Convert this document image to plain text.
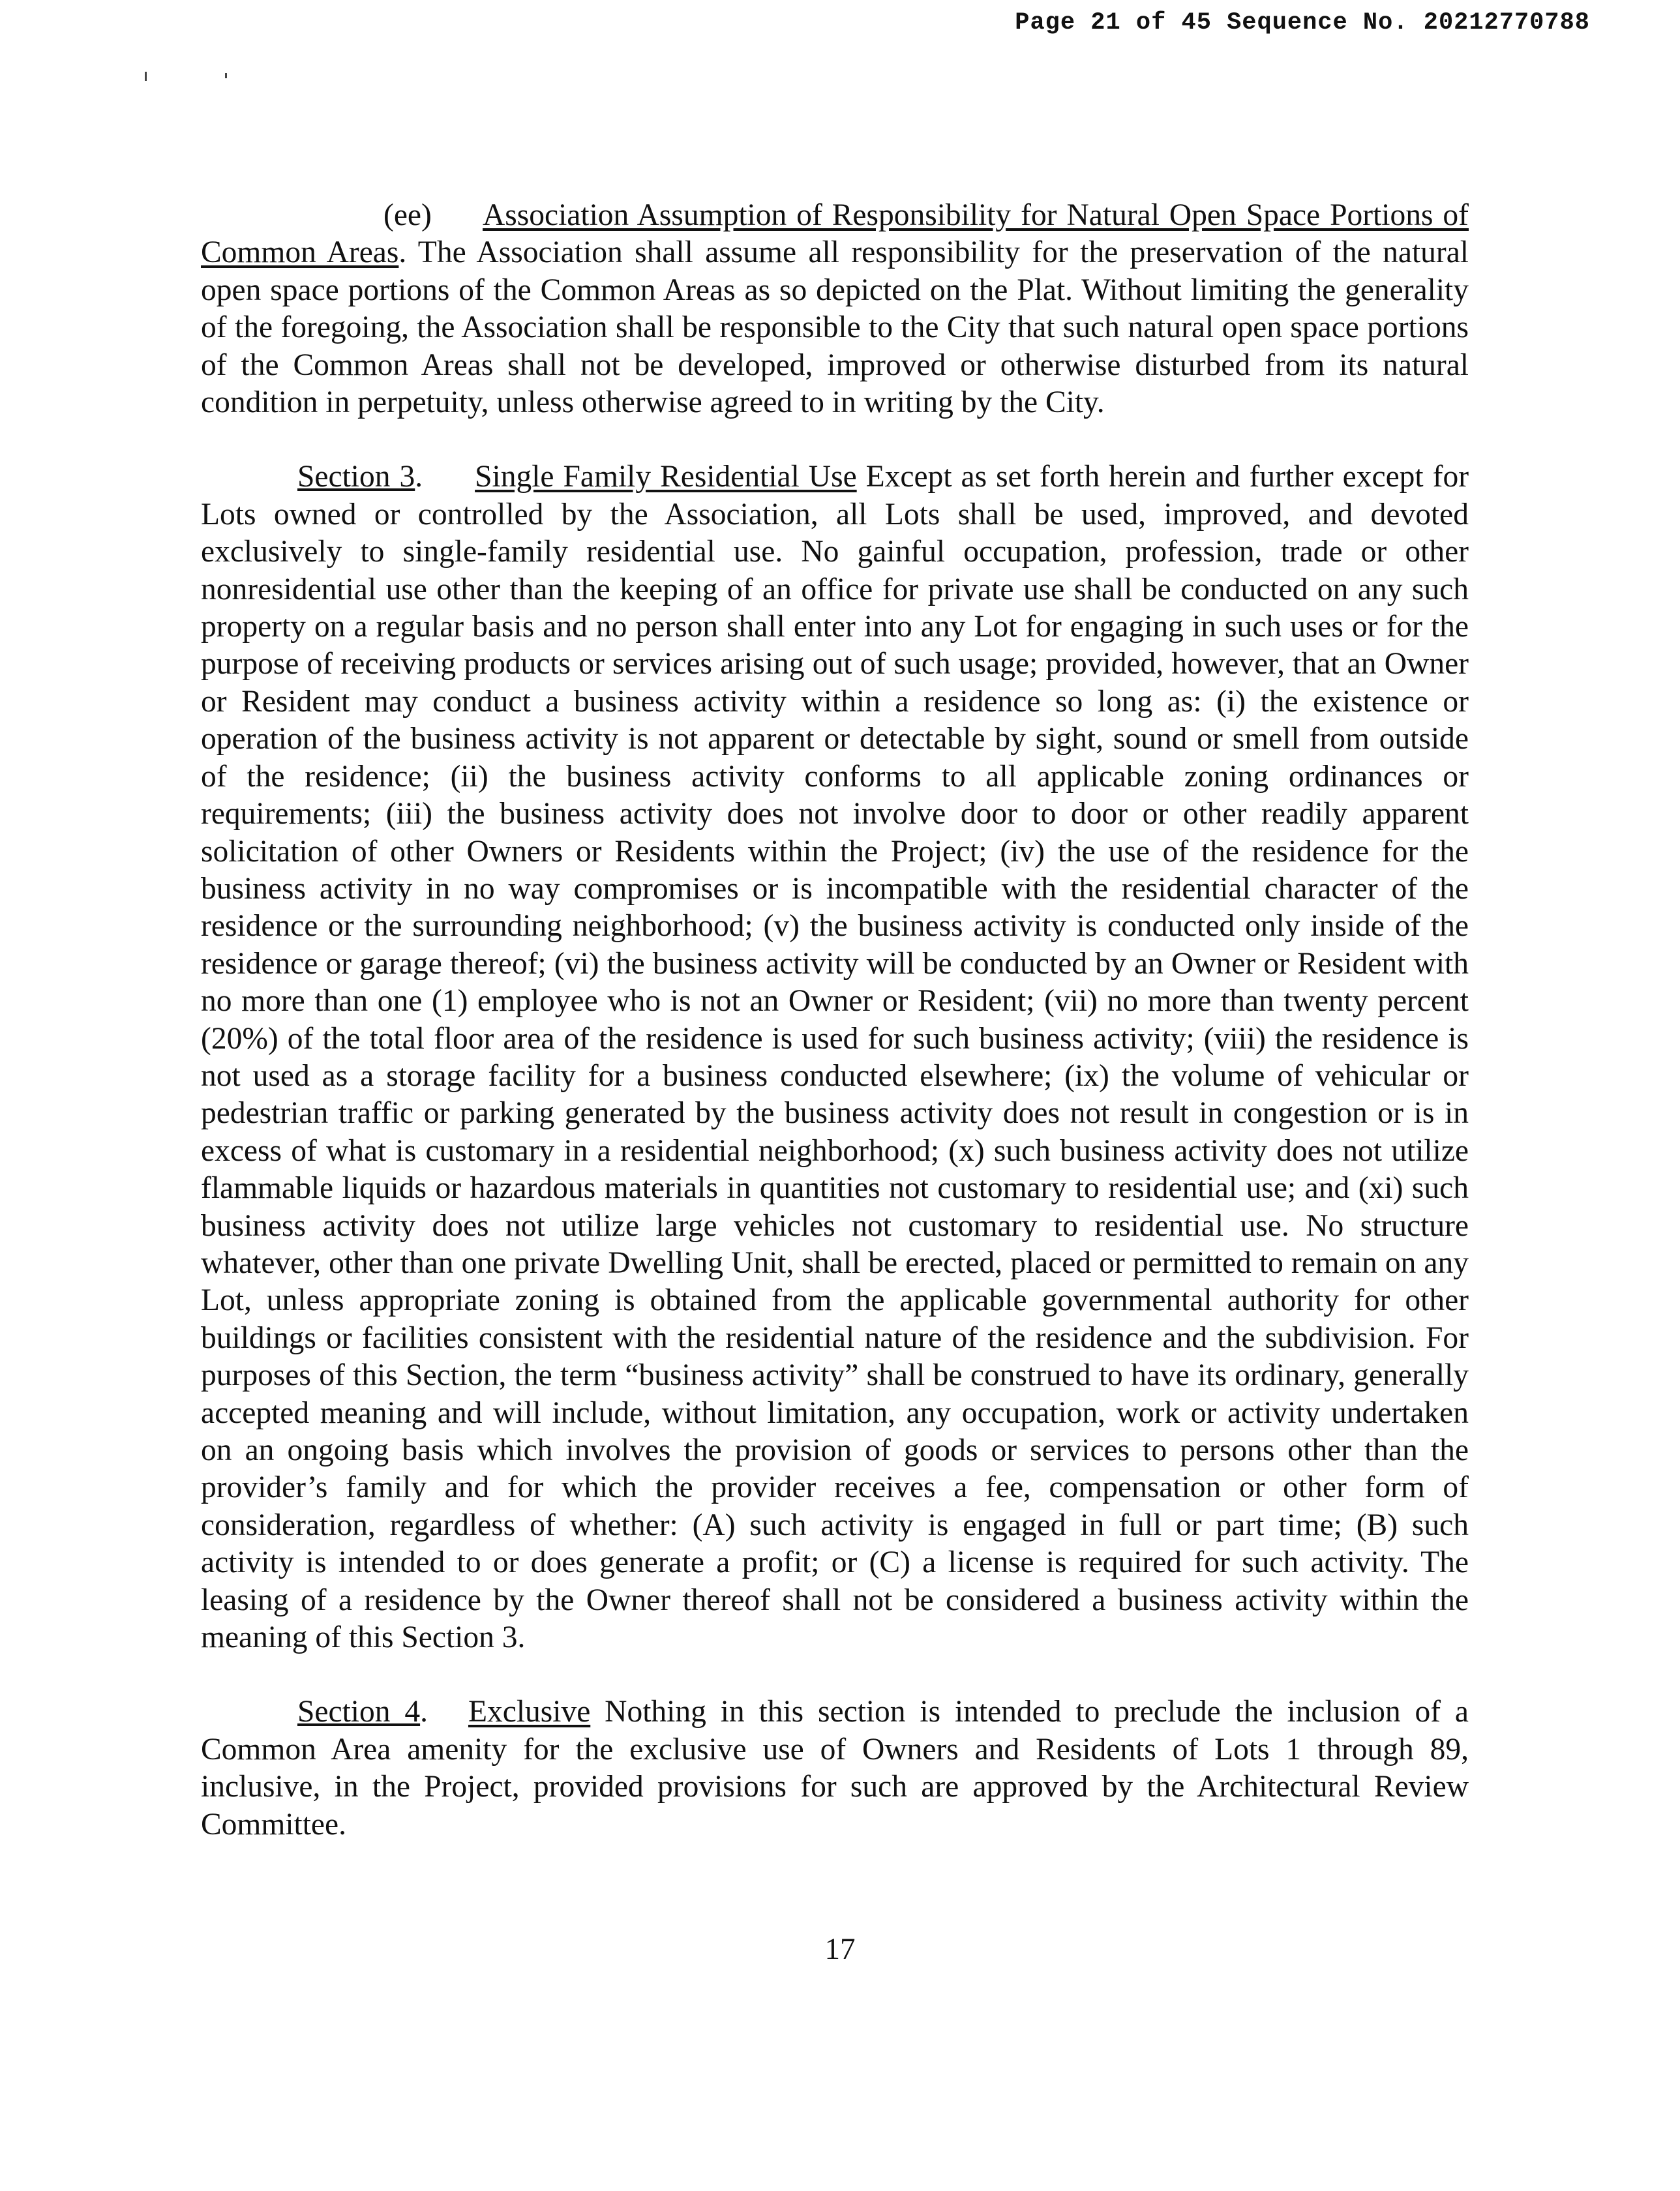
Page 21 of 45 Sequence No. 20212770788

(ee) Association Assumption of Responsibility for Natural Open Space Portions of Common Areas. The Association shall assume all responsibility for the preservation of the natural open space portions of the Common Areas as so depicted on the Plat. Without limiting the generality of the foregoing, the Association shall be responsible to the City that such natural open space portions of the Common Areas shall not be developed, improved or otherwise disturbed from its natural condition in perpetuity, unless otherwise agreed to in writing by the City.

Section 3. Single Family Residential Use Except as set forth herein and further except for Lots owned or controlled by the Association, all Lots shall be used, improved, and devoted exclusively to single-family residential use. No gainful occupation, profession, trade or other nonresidential use other than the keeping of an office for private use shall be conducted on any such property on a regular basis and no person shall enter into any Lot for engaging in such uses or for the purpose of receiving products or services arising out of such usage; provided, however, that an Owner or Resident may conduct a business activity within a residence so long as: (i) the existence or operation of the business activity is not apparent or detectable by sight, sound or smell from outside of the residence; (ii) the business activity conforms to all applicable zoning ordinances or requirements; (iii) the business activity does not involve door to door or other readily apparent solicitation of other Owners or Residents within the Project; (iv) the use of the residence for the business activity in no way compromises or is incompatible with the residential character of the residence or the surrounding neighborhood; (v) the business activity is conducted only inside of the residence or garage thereof; (vi) the business activity will be conducted by an Owner or Resident with no more than one (1) employee who is not an Owner or Resident; (vii) no more than twenty percent (20%) of the total floor area of the residence is used for such business activity; (viii) the residence is not used as a storage facility for a business conducted elsewhere; (ix) the volume of vehicular or pedestrian traffic or parking generated by the business activity does not result in congestion or is in excess of what is customary in a residential neighborhood; (x) such business activity does not utilize flammable liquids or hazardous materials in quantities not customary to residential use; and (xi) such business activity does not utilize large vehicles not customary to residential use. No structure whatever, other than one private Dwelling Unit, shall be erected, placed or permitted to remain on any Lot, unless appropriate zoning is obtained from the applicable governmental authority for other buildings or facilities consistent with the residential nature of the residence and the subdivision. For purposes of this Section, the term “business activity” shall be construed to have its ordinary, generally accepted meaning and will include, without limitation, any occupation, work or activity undertaken on an ongoing basis which involves the provision of goods or services to persons other than the provider’s family and for which the provider receives a fee, compensation or other form of consideration, regardless of whether: (A) such activity is engaged in full or part time; (B) such activity is intended to or does generate a profit; or (C) a license is required for such activity. The leasing of a residence by the Owner thereof shall not be considered a business activity within the meaning of this Section 3.

Section 4. Exclusive Nothing in this section is intended to preclude the inclusion of a Common Area amenity for the exclusive use of Owners and Residents of Lots 1 through 89, inclusive, in the Project, provided provisions for such are approved by the Architectural Review Committee.

17
